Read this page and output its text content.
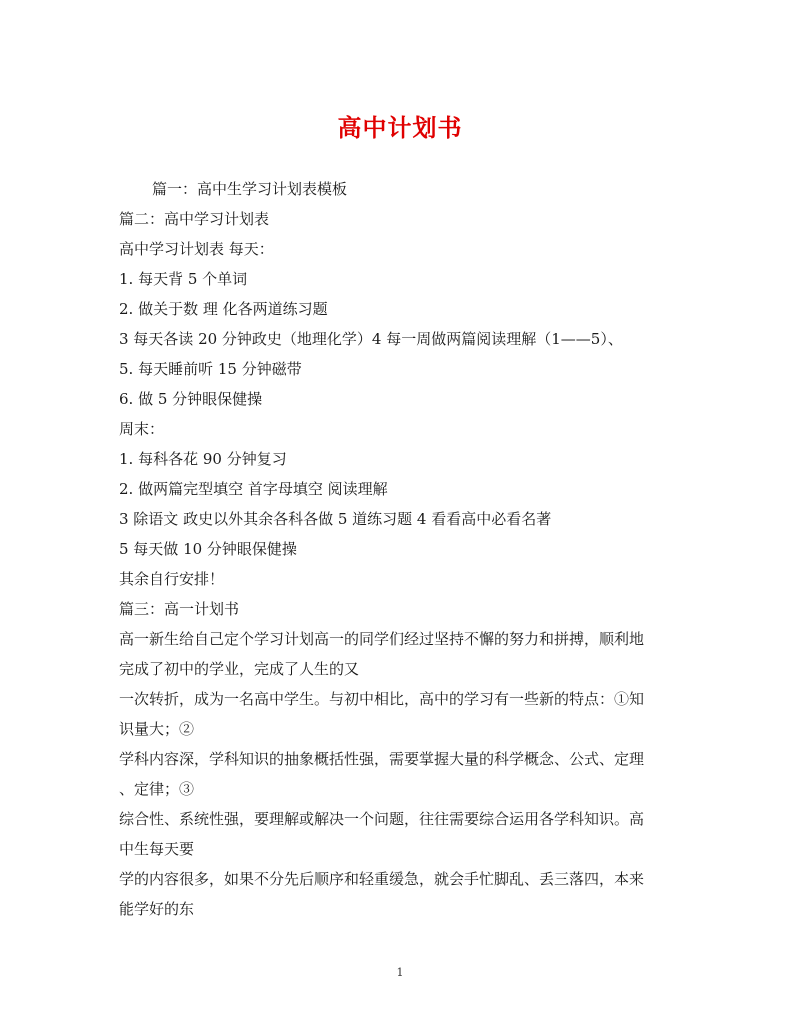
高中计划书
篇一：高中生学习计划表模板
篇二：高中学习计划表
高中学习计划表 每天：
1. 每天背 5 个单词
2. 做关于数 理 化各两道练习题
3 每天各读 20 分钟政史（地理化学）4 每一周做两篇阅读理解（1——5）、
5. 每天睡前听 15 分钟磁带
6. 做 5 分钟眼保健操
周末：
1. 每科各花 90 分钟复习
2. 做两篇完型填空 首字母填空 阅读理解
3 除语文 政史以外其余各科各做 5 道练习题 4 看看高中必看名著
5 每天做 10 分钟眼保健操
其余自行安排！
篇三：高一计划书
高一新生给自己定个学习计划高一的同学们经过坚持不懈的努力和拼搏，顺利地
完成了初中的学业，完成了人生的又
一次转折，成为一名高中学生。与初中相比，高中的学习有一些新的特点：①知
识量大；②
学科内容深，学科知识的抽象概括性强，需要掌握大量的科学概念、公式、定理
、定律；③
综合性、系统性强，要理解或解决一个问题，往往需要综合运用各学科知识。高
中生每天要
学的内容很多，如果不分先后顺序和轻重缓急，就会手忙脚乱、丢三落四，本来
能学好的东
1
